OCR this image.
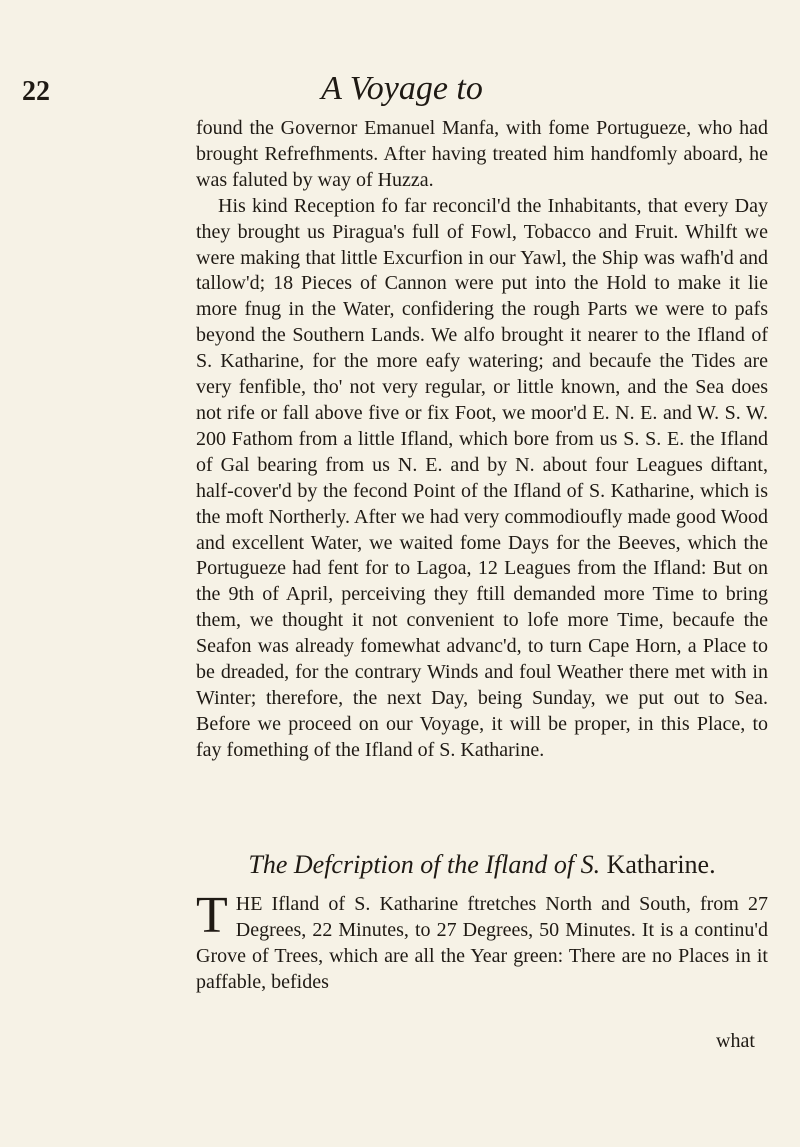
22	A Voyage to

found the Governor Emanuel Manfa, with fome Portugueze, who had brought Refrefhments. After having treated him handfomly aboard, he was faluted by way of Huzza.

His kind Reception fo far reconcil'd the Inhabitants, that every Day they brought us Piragua's full of Fowl, Tobacco and Fruit. Whilft we were making that little Excurfion in our Yawl, the Ship was wafh'd and tallow'd; 18 Pieces of Cannon were put into the Hold to make it lie more fnug in the Water, confidering the rough Parts we were to pafs beyond the Southern Lands. We alfo brought it nearer to the Ifland of S. Katharine, for the more eafy watering; and becaufe the Tides are very fenfible, tho' not very regular, or little known, and the Sea does not rife or fall above five or fix Foot, we moor'd E. N. E. and W. S. W. 200 Fathom from a little Ifland, which bore from us S. S. E. the Ifland of Gal bearing from us N. E. and by N. about four Leagues diftant, half-cover'd by the fecond Point of the Ifland of S. Katharine, which is the moft Northerly. After we had very commodioufly made good Wood and excellent Water, we waited fome Days for the Beeves, which the Portugueze had fent for to Lagoa, 12 Leagues from the Ifland: But on the 9th of April, perceiving they ftill demanded more Time to bring them, we thought it not convenient to lofe more Time, becaufe the Seafon was already fomewhat advanc'd, to turn Cape Horn, a Place to be dreaded, for the contrary Winds and foul Weather there met with in Winter; therefore, the next Day, being Sunday, we put out to Sea. Before we proceed on our Voyage, it will be proper, in this Place, to fay fomething of the Ifland of S. Katharine.

The Defcription of the Ifland of S. Katharine.
T HE Ifland of S. Katharine ftretches North and South, from 27 Degrees, 22 Minutes, to 27 Degrees, 50 Minutes. It is a continu'd Grove of Trees, which are all the Year green: There are no Places in it paffable, befides
what
